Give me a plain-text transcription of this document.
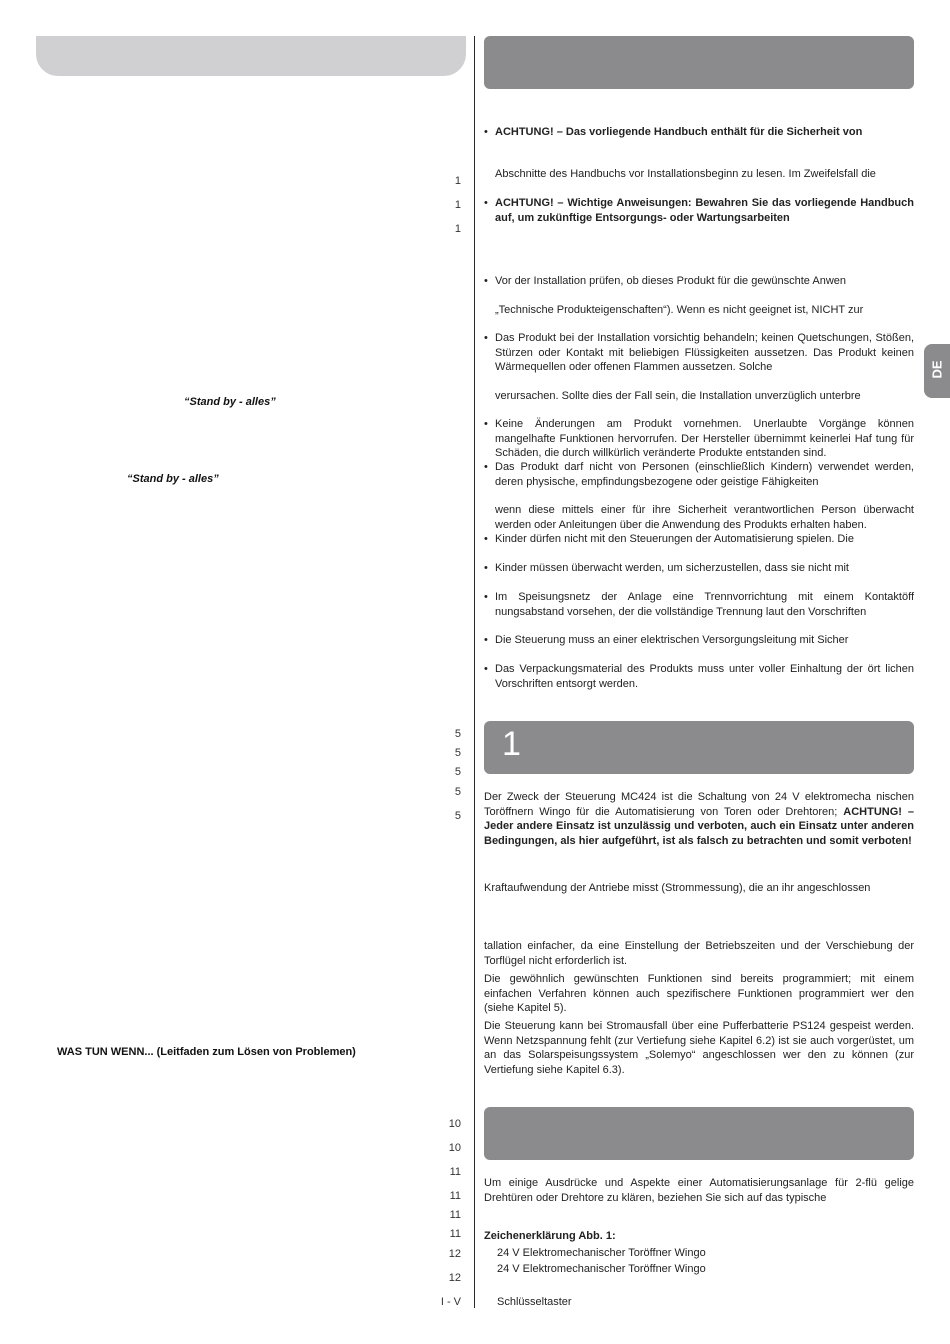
“Stand by - alles”
“Stand by - alles”
WAS TUN WENN... (Leitfaden zum Lösen von Problemen)
1
1
1
5
5
5
5
5
10
10
11
11
11
11
12
12
I - V
• ACHTUNG! – Das vorliegende Handbuch enthält für die Sicherheit von
Abschnitte des Handbuchs vor Installationsbeginn zu lesen. Im Zweifelsfall die
• ACHTUNG! – Wichtige Anweisungen: Bewahren Sie das vorliegende Handbuch auf, um zukünftige Entsorgungs- oder Wartungsarbeiten
• Vor der Installation prüfen, ob dieses Produkt für die gewünschte Anwen
„Technische Produkteigenschaften“). Wenn es nicht geeignet ist, NICHT zur
• Das Produkt bei der Installation vorsichtig behandeln; keinen Quetschungen, Stößen, Stürzen oder Kontakt mit beliebigen Flüssigkeiten aussetzen. Das Produkt keinen Wärmequellen oder offenen Flammen aussetzen. Solche
verursachen. Sollte dies der Fall sein, die Installation unverzüglich unterbre
• Keine Änderungen am Produkt vornehmen. Unerlaubte Vorgänge können mangelhafte Funktionen hervorrufen. Der Hersteller übernimmt keinerlei Haf tung für Schäden, die durch willkürlich veränderte Produkte entstanden sind.
• Das Produkt darf nicht von Personen (einschließlich Kindern) verwendet werden, deren physische, empfindungsbezogene oder geistige Fähigkeiten
wenn diese mittels einer für ihre Sicherheit verantwortlichen Person überwacht werden oder Anleitungen über die Anwendung des Produkts erhalten haben.
• Kinder dürfen nicht mit den Steuerungen der Automatisierung spielen. Die
• Kinder müssen überwacht werden, um sicherzustellen, dass sie nicht mit
• Im Speisungsnetz der Anlage eine Trennvorrichtung mit einem Kontaktöff nungsabstand vorsehen, der die vollständige Trennung laut den Vorschriften
• Die Steuerung muss an einer elektrischen Versorgungsleitung mit Sicher
• Das Verpackungsmaterial des Produkts muss unter voller Einhaltung der ört lichen Vorschriften entsorgt werden.
DE
1
Der Zweck der Steuerung MC424 ist die Schaltung von 24 V elektromecha nischen Toröffnern Wingo für die Automatisierung von Toren oder Drehtoren; ACHTUNG! – Jeder andere Einsatz ist unzulässig und verboten, auch ein Einsatz unter anderen Bedingungen, als hier aufgeführt, ist als falsch zu betrachten und somit verboten!
Kraftaufwendung der Antriebe misst (Strommessung), die an ihr angeschlossen
tallation einfacher, da eine Einstellung der Betriebszeiten und der Verschiebung der Torflügel nicht erforderlich ist.
Die gewöhnlich gewünschten Funktionen sind bereits programmiert; mit einem einfachen Verfahren können auch spezifischere Funktionen programmiert wer den (siehe Kapitel 5).
Die Steuerung kann bei Stromausfall über eine Pufferbatterie PS124 gespeist werden. Wenn Netzspannung fehlt (zur Vertiefung siehe Kapitel 6.2) ist sie auch vorgerüstet, um an das Solarspeisungssystem „Solemyo“ angeschlossen wer den zu können (zur Vertiefung siehe Kapitel 6.3).
Um einige Ausdrücke und Aspekte einer Automatisierungsanlage für 2-flü gelige Drehtüren oder Drehtore zu klären, beziehen Sie sich auf das typische
Zeichenerklärung Abb. 1:
24 V Elektromechanischer Toröffner Wingo
24 V Elektromechanischer Toröffner Wingo
Schlüsseltaster
